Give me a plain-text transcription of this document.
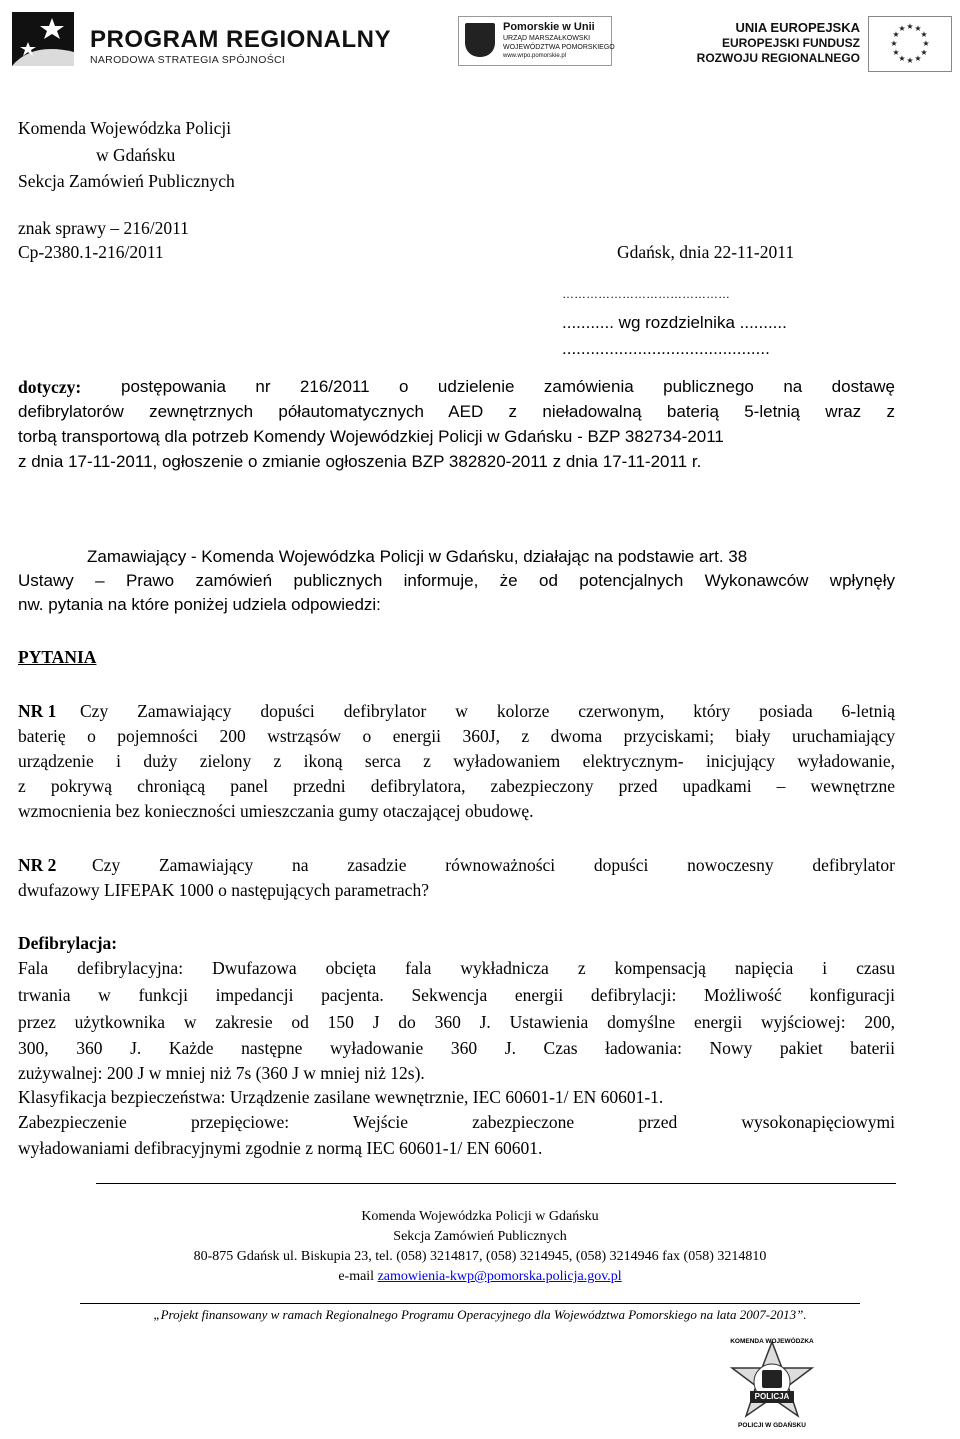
PROGRAM REGIONALNY
NARODOWA STRATEGIA SPÓJNOŚCI
Pomorskie w Unii
URZĄD MARSZAŁKOWSKI
WOJEWÓDZTWA POMORSKIEGO
www.wrpo.pomorskie.pl
UNIA EUROPEJSKA
EUROPEJSKI FUNDUSZ
ROZWOJU REGIONALNEGO
★ ★
★
★
★
★
★
★
★
★
★
★
Komenda Wojewódzka Policji
w Gdańsku
Sekcja Zamówień Publicznych
znak sprawy – 216/2011
Cp-2380.1-216/2011	Gdańsk, dnia 22-11-2011
……………………………………
........... wg rozdzielnika ..........
............................................
dotyczy: postępowania nr 216/2011 o udzielenie zamówienia publicznego na dostawę
defibrylatorów zewnętrznych półautomatycznych AED z nieładowalną baterią 5-letnią wraz z
torbą transportową dla potrzeb Komendy Wojewódzkiej Policji w Gdańsku - BZP 382734-2011
z dnia 17-11-2011, ogłoszenie o zmianie ogłoszenia BZP 382820-2011 z dnia 17-11-2011 r.
Zamawiający - Komenda Wojewódzka Policji w Gdańsku, działając na podstawie art. 38
Ustawy – Prawo zamówień publicznych informuje, że od potencjalnych Wykonawców wpłynęły
nw. pytania na które poniżej udziela odpowiedzi:
PYTANIA
NR 1 Czy Zamawiający dopuści defibrylator w kolorze czerwonym, który posiada 6-letnią
baterię o pojemności 200 wstrząsów o energii 360J, z dwoma przyciskami; biały uruchamiający
urządzenie i duży zielony z ikoną serca z wyładowaniem elektrycznym- inicjujący wyładowanie,
z pokrywą chroniącą panel przedni defibrylatora, zabezpieczony przed upadkami – wewnętrzne
wzmocnienia bez konieczności umieszczania gumy otaczającej obudowę.
NR 2 Czy Zamawiający na zasadzie równoważności dopuści nowoczesny defibrylator
dwufazowy LIFEPAK 1000 o następujących parametrach?
Defibrylacja:
Fala defibrylacyjna: Dwufazowa obcięta fala wykładnicza z kompensacją napięcia i czasu
trwania w funkcji impedancji pacjenta. Sekwencja energii defibrylacji: Możliwość konfiguracji
przez użytkownika w zakresie od 150 J do 360 J. Ustawienia domyślne energii wyjściowej: 200,
300, 360 J. Każde następne wyładowanie 360 J. Czas ładowania: Nowy pakiet baterii
zużywalnej: 200 J w mniej niż 7s (360 J w mniej niż 12s).
Klasyfikacja bezpieczeństwa: Urządzenie zasilane wewnętrznie, IEC 60601-1/ EN 60601-1.
Zabezpieczenie przepięciowe: Wejście zabezpieczone przed wysokonapięciowymi
wyładowaniami defibracyjnymi zgodnie z normą IEC 60601-1/ EN 60601.
Komenda Wojewódzka Policji w Gdańsku
Sekcja Zamówień Publicznych
80-875 Gdańsk ul. Biskupia 23, tel. (058) 3214817, (058) 3214945, (058) 3214946 fax (058) 3214810
e-mail zamowienia-kwp@pomorska.policja.gov.pl
„Projekt finansowany w ramach Regionalnego Programu Operacyjnego dla Województwa Pomorskiego na lata 2007-2013”.
POLICJA
KOMENDA WOJEWÓDZKA
POLICJI W GDAŃSKU
